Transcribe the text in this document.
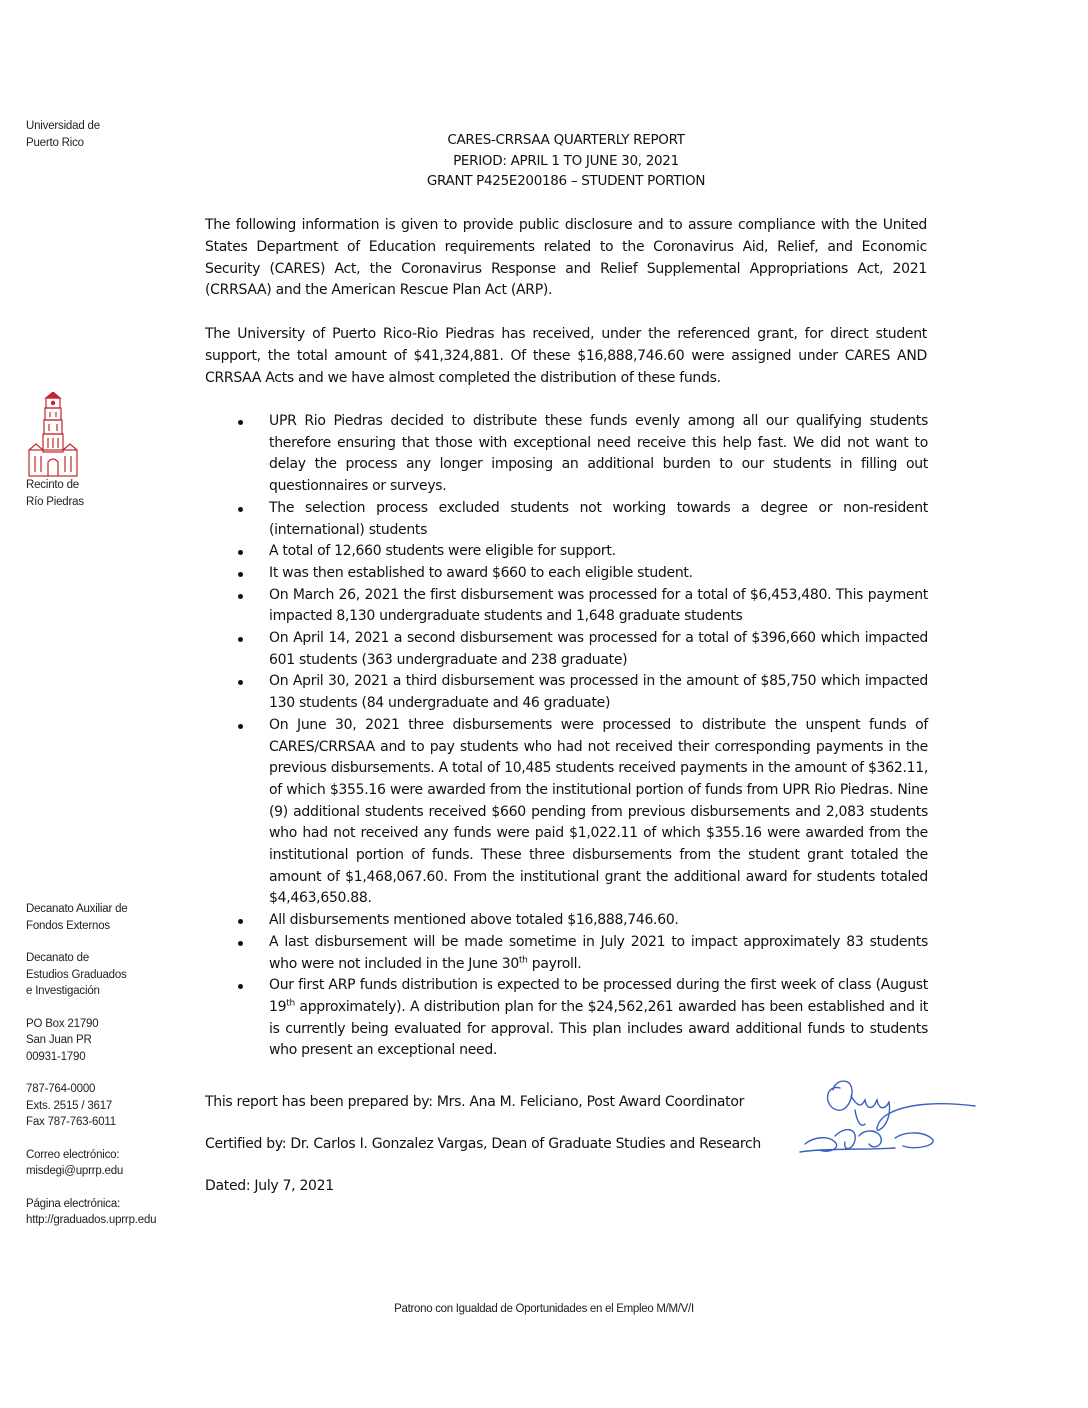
Universidad de
Puerto Rico
Recinto de
Río Piedras
Decanato Auxiliar de
Fondos Externos
Decanato de
Estudios Graduados
e Investigación
PO Box 21790
San Juan PR
00931-1790
787-764-0000
Exts. 2515 / 3617
Fax 787-763-6011
Correo electrónico:
misdegi@uprrp.edu
Página electrónica:
http://graduados.uprrp.edu
CARES-CRRSAA QUARTERLY REPORT
PERIOD: APRIL 1 TO JUNE 30, 2021
GRANT P425E200186 – STUDENT PORTION

The following information is given to provide public disclosure and to assure compliance with the United States Department of Education requirements related to the Coronavirus Aid, Relief, and Economic Security (CARES) Act, the Coronavirus Response and Relief Supplemental Appropriations Act, 2021 (CRRSAA) and the American Rescue Plan Act (ARP).

The University of Puerto Rico-Rio Piedras has received, under the referenced grant, for direct student support, the total amount of $41,324,881. Of these $16,888,746.60 were assigned under CARES AND CRRSAA Acts and we have almost completed the distribution of these funds.

UPR Rio Piedras decided to distribute these funds evenly among all our qualifying students therefore ensuring that those with exceptional need receive this help fast. We did not want to delay the process any longer imposing an additional burden to our students in filling out questionnaires or surveys.
The selection process excluded students not working towards a degree or non-resident (international) students
A total of 12,660 students were eligible for support.
It was then established to award $660 to each eligible student.
On March 26, 2021 the first disbursement was processed for a total of $6,453,480. This payment impacted 8,130 undergraduate students and 1,648 graduate students
On April 14, 2021 a second disbursement was processed for a total of $396,660 which impacted 601 students (363 undergraduate and 238 graduate)
On April 30, 2021 a third disbursement was processed in the amount of $85,750 which impacted 130 students (84 undergraduate and 46 graduate)
On June 30, 2021 three disbursements were processed to distribute the unspent funds of CARES/CRRSAA and to pay students who had not received their corresponding payments in the previous disbursements. A total of 10,485 students received payments in the amount of $362.11, of which $355.16 were awarded from the institutional portion of funds from UPR Rio Piedras. Nine (9) additional students received $660 pending from previous disbursements and 2,083 students who had not received any funds were paid $1,022.11 of which $355.16 were awarded from the institutional portion of funds. These three disbursements from the student grant totaled the amount of $1,468,067.60. From the institutional grant the additional award for students totaled $4,463,650.88.
All disbursements mentioned above totaled $16,888,746.60.
A last disbursement will be made sometime in July 2021 to impact approximately 83 students who were not included in the June 30th payroll.
Our first ARP funds distribution is expected to be processed during the first week of class (August 19th approximately). A distribution plan for the $24,562,261 awarded has been established and it is currently being evaluated for approval. This plan includes award additional funds to students who present an exceptional need.
This report has been prepared by: Mrs. Ana M. Feliciano, Post Award Coordinator
Certified by: Dr. Carlos I. Gonzalez Vargas, Dean of Graduate Studies and Research
Dated: July 7, 2021
Patrono con Igualdad de Oportunidades en el Empleo M/M/V/I
